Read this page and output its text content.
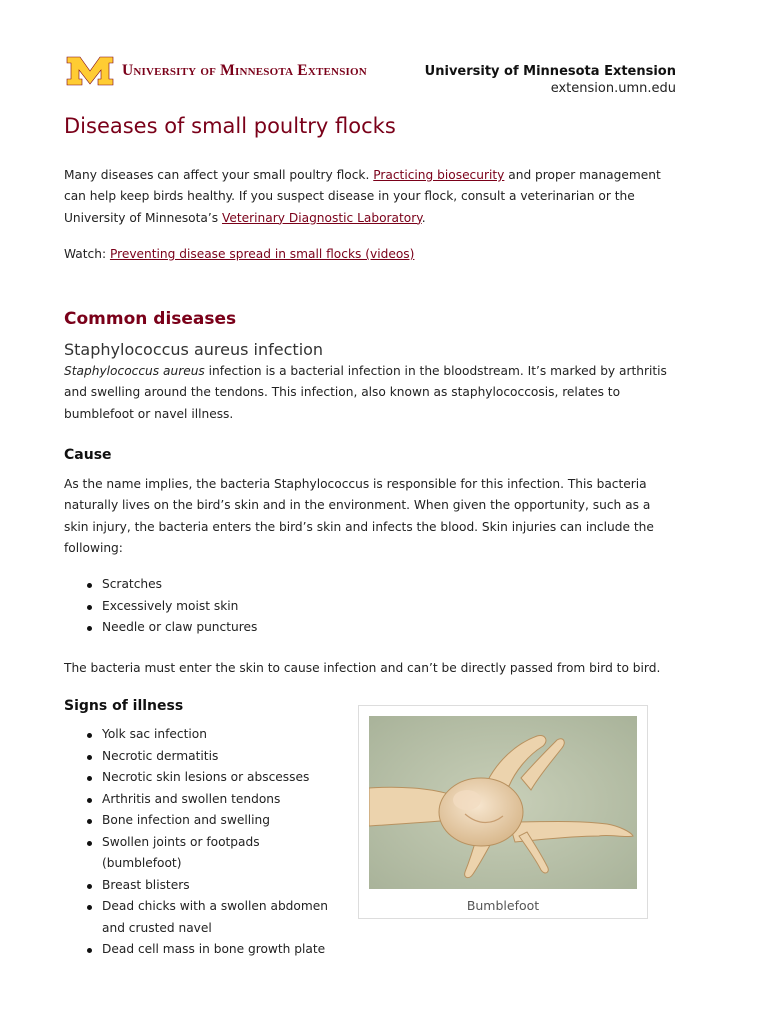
University of Minnesota Extension	University of Minnesota Extension
extension.umn.edu
Diseases of small poultry flocks

Many diseases can affect your small poultry flock. Practicing biosecurity and proper management can help keep birds healthy. If you suspect disease in your flock, consult a veterinarian or the University of Minnesota’s Veterinary Diagnostic Laboratory.

Watch: Preventing disease spread in small flocks (videos)

Common diseases
Staphylococcus aureus infection

Staphylococcus aureus infection is a bacterial infection in the bloodstream. It’s marked by arthritis and swelling around the tendons. This infection, also known as staphylococcosis, relates to bumblefoot or navel illness.

Cause

As the name implies, the bacteria Staphylococcus is responsible for this infection. This bacteria naturally lives on the bird’s skin and in the environment. When given the opportunity, such as a skin injury, the bacteria enters the bird’s skin and infects the blood. Skin injuries can include the following:

Scratches
Excessively moist skin
Needle or claw punctures

The bacteria must enter the skin to cause infection and can’t be directly passed from bird to bird.

Signs of illness
Yolk sac infection
Necrotic dermatitis
Necrotic skin lesions or abscesses
Arthritis and swollen tendons
Bone infection and swelling
Swollen joints or footpads (bumblefoot)
Breast blisters
Dead chicks with a swollen abdomen and crusted navel
Dead cell mass in bone growth plate
Bumblefoot
